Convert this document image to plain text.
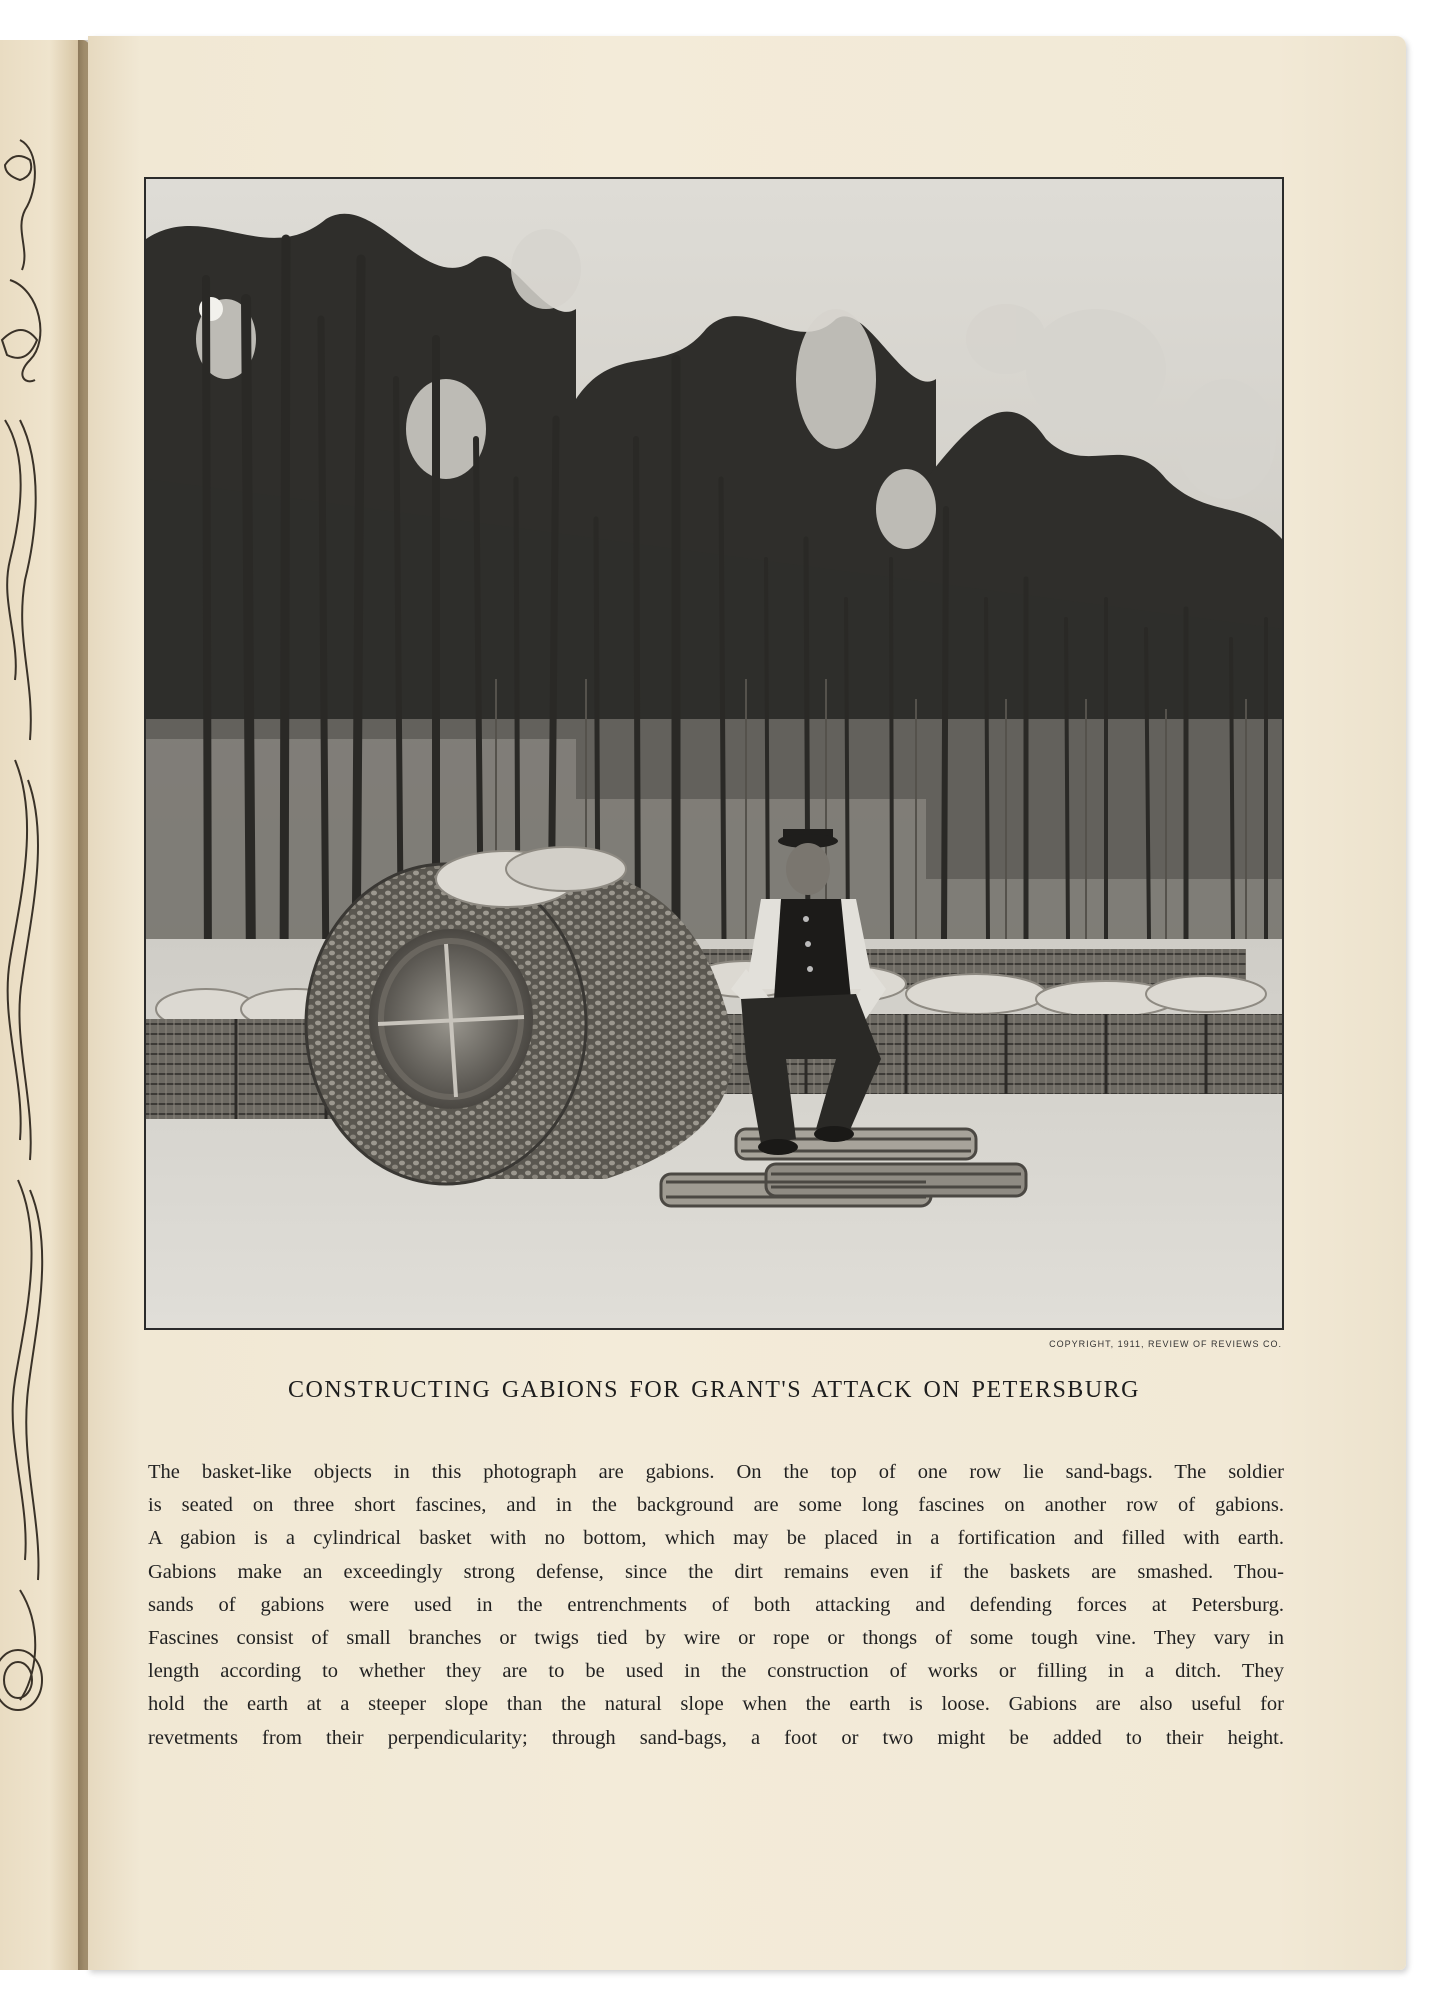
COPYRIGHT, 1911, REVIEW OF REVIEWS CO.
CONSTRUCTING GABIONS FOR GRANT'S ATTACK ON PETERSBURG
The basket-like objects in this photograph are gabions. On the top of one row lie sand-bags. The soldier
is seated on three short fascines, and in the background are some long fascines on another row of gabions.
A gabion is a cylindrical basket with no bottom, which may be placed in a fortification and filled with earth.
Gabions make an exceedingly strong defense, since the dirt remains even if the baskets are smashed. Thou-
sands of gabions were used in the entrenchments of both attacking and defending forces at Petersburg.
Fascines consist of small branches or twigs tied by wire or rope or thongs of some tough vine. They vary in
length according to whether they are to be used in the construction of works or filling in a ditch. They
hold the earth at a steeper slope than the natural slope when the earth is loose. Gabions are also useful for
revetments from their perpendicularity; through sand-bags, a foot or two might be added to their height.
